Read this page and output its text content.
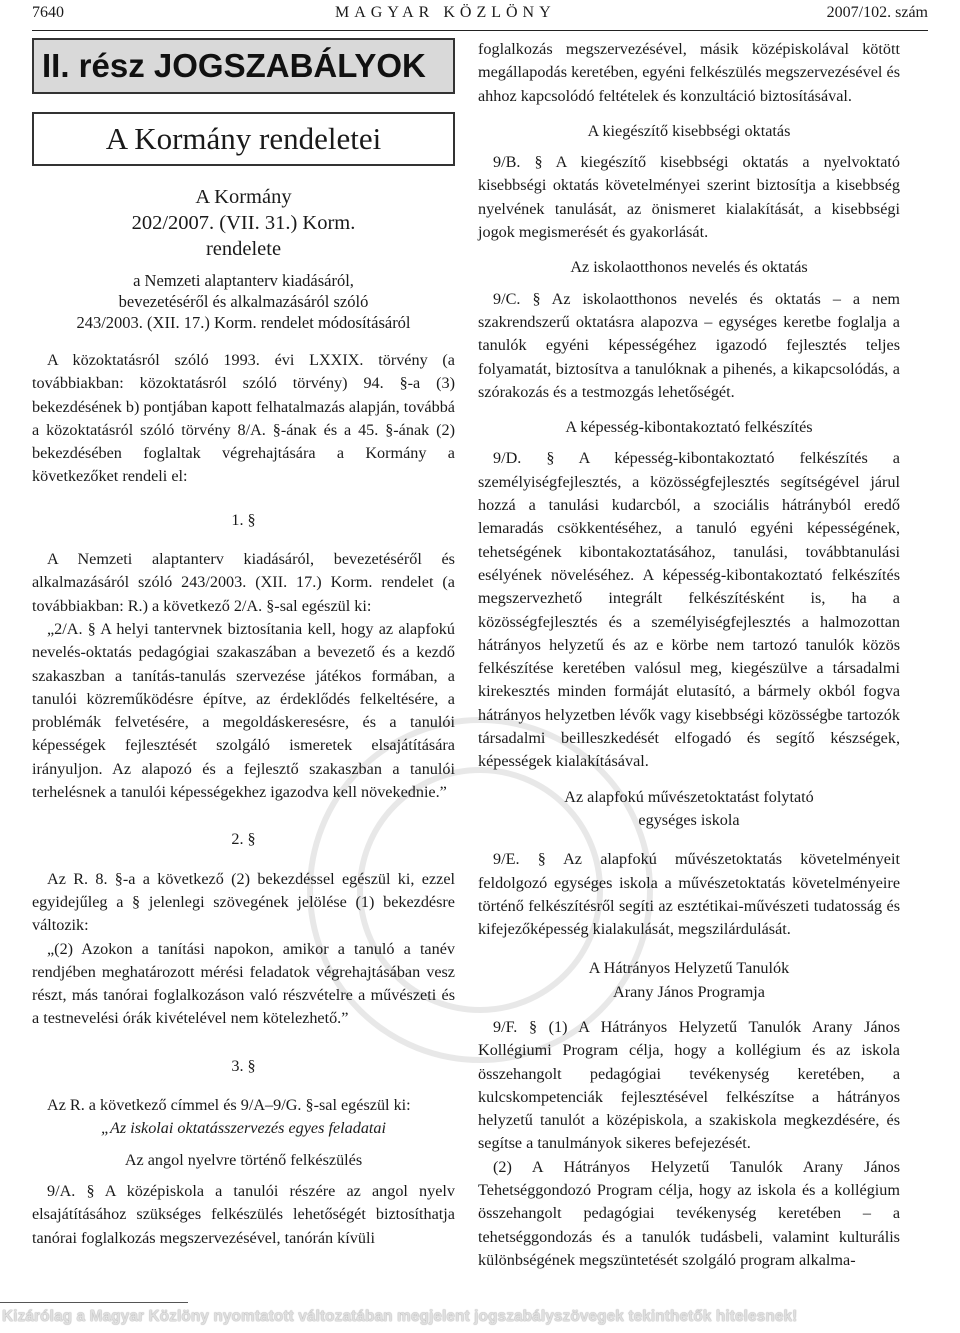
7640	MAGYAR KÖZLÖNY	2007/102. szám
II. rész JOGSZABÁLYOK
A Kormány rendeletei
A Kormány
202/2007. (VII. 31.) Korm.
rendelete
a Nemzeti alaptanterv kiadásáról,
bevezetéséről és alkalmazásáról szóló
243/2003. (XII. 17.) Korm. rendelet módosításáról

A közoktatásról szóló 1993. évi LXXIX. törvény (a továbbiakban: közoktatásról szóló törvény) 94. §-a (3) bekezdésének b) pontjában kapott felhatalmazás alapján, továbbá a közoktatásról szóló törvény 8/A. §-ának és a 45. §-ának (2) bekezdésében foglaltak végrehajtására a Kormány a következőket rendeli el:

1. §

A Nemzeti alaptanterv kiadásáról, bevezetéséről és alkalmazásáról szóló 243/2003. (XII. 17.) Korm. rendelet (a továbbiakban: R.) a következő 2/A. §-sal egészül ki:

„2/A. § A helyi tantervnek biztosítania kell, hogy az alapfokú nevelés-oktatás pedagógiai szakaszában a bevezető és a kezdő szakaszban a tanítás-tanulás szervezése játékos formában, a tanulói közreműködésre építve, az érdeklődés felkeltésére, a problémák felvetésére, a megoldáskeresésre, és a tanulói képességek fejlesztését szolgáló ismeretek elsajátítására irányuljon. Az alapozó és a fejlesztő szakaszban a tanulói terhelésnek a tanulói képességekhez igazodva kell növekednie.”

2. §

Az R. 8. §-a a következő (2) bekezdéssel egészül ki, ezzel egyidejűleg a § jelenlegi szövegének jelölése (1) bekezdésre változik:

„(2) Azokon a tanítási napokon, amikor a tanuló a tanév rendjében meghatározott mérési feladatok végrehajtásában vesz részt, más tanórai foglalkozáson való részvételre a művészeti és a testnevelési órák kivételével nem kötelezhető.”

3. §

Az R. a következő címmel és 9/A–9/G. §-sal egészül ki:

„Az iskolai oktatásszervezés egyes feladatai

Az angol nyelvre történő felkészülés

9/A. § A középiskola a tanulói részére az angol nyelv elsajátításához szükséges felkészülés lehetőségét biztosíthatja tanórai foglalkozás megszervezésével, tanórán kívüli

foglalkozás megszervezésével, másik középiskolával kötött megállapodás keretében, egyéni felkészülés megszervezésével és ahhoz kapcsolódó feltételek és konzultáció biztosításával.

A kiegészítő kisebbségi oktatás

9/B. § A kiegészítő kisebbségi oktatás a nyelvoktató kisebbségi oktatás követelményei szerint biztosítja a kisebbség nyelvének tanulását, az önismeret kialakítását, a kisebbségi jogok megismerését és gyakorlását.

Az iskolaotthonos nevelés és oktatás

9/C. § Az iskolaotthonos nevelés és oktatás – a nem szakrendszerű oktatásra alapozva – egységes keretbe foglalja a tanulók egyéni képességéhez igazodó fejlesztés teljes folyamatát, biztosítva a tanulóknak a pihenés, a kikapcsolódás, a szórakozás és a testmozgás lehetőségét.

A képesség-kibontakoztató felkészítés

9/D. § A képesség-kibontakoztató felkészítés a személyiségfejlesztés, a közösségfejlesztés segítségével járul hozzá a tanulási kudarcból, a szociális hátrányból eredő lemaradás csökkentéséhez, a tanuló egyéni képességének, tehetségének kibontakoztatásához, tanulási, továbbtanulási esélyének növeléséhez. A képesség-kibontakoztató felkészítés megszervezhető integrált felkészítésként is, ha a közösségfejlesztés és a személyiségfejlesztés a halmozottan hátrányos helyzetű és az e körbe nem tartozó tanulók közös felkészítése keretében valósul meg, kiegészülve a társadalmi kirekesztés minden formáját elutasító, a bármely okból fogva hátrányos helyzetben lévők vagy kisebbségi közösségbe tartozók társadalmi beilleszkedését elfogadó és segítő készségek, képességek kialakításával.

Az alapfokú művészetoktatást folytató

egységes iskola

9/E. § Az alapfokú művészetoktatás követelményeit feldolgozó egységes iskola a művészetoktatás követelményeire történő felkészítésről segíti az esztétikai-művészeti tudatosság és kifejezőképesség kialakulását, megszilárdulását.

A Hátrányos Helyzetű Tanulók

Arany János Programja

9/F. § (1) A Hátrányos Helyzetű Tanulók Arany János Kollégiumi Program célja, hogy a kollégium és az iskola összehangolt pedagógiai tevékenység keretében, a kulcskompetenciák fejlesztésével felkészítse a hátrányos helyzetű tanulót a középiskola, a szakiskola megkezdésére, és segítse a tanulmányok sikeres befejezését.

(2) A Hátrányos Helyzetű Tanulók Arany János Tehetséggondozó Program célja, hogy az iskola és a kollégium összehangolt pedagógiai tevékenység keretében – a tehetséggondozás és a tanulók tudásbeli, valamint kulturális különbségének megszüntetését szolgáló program alkalma-

Kizárólag a Magyar Közlöny nyomtatott változatában megjelent jogszabályszövegek tekinthetők hitelesnek!
